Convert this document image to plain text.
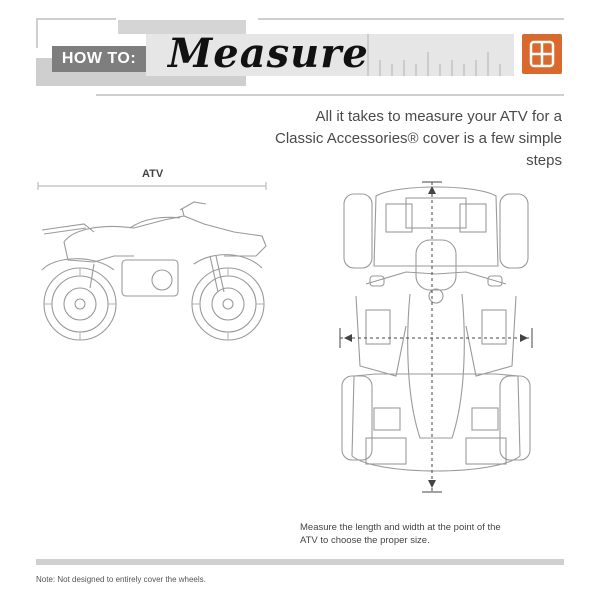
HOW TO: Measure
All it takes to measure your ATV for a
Classic Accessories® cover is a few simple steps
ATV
Measure the length and width at the point of the
ATV to choose the proper size.
Note: Not designed to entirely cover the wheels.
